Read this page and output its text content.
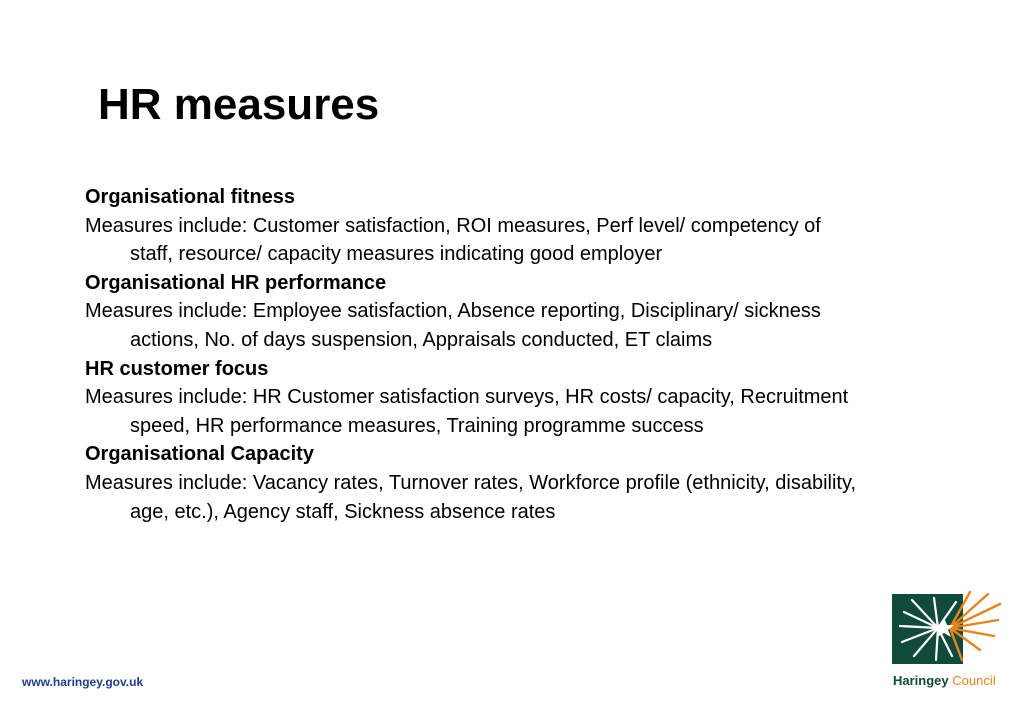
HR measures

Organisational fitness

Measures include: Customer satisfaction, ROI measures, Perf level/ competency of staff, resource/ capacity measures indicating good employer

Organisational HR performance

Measures include: Employee satisfaction, Absence reporting, Disciplinary/ sickness actions, No. of days suspension, Appraisals conducted, ET claims

HR customer focus

Measures include: HR Customer satisfaction surveys, HR costs/ capacity, Recruitment speed, HR performance measures, Training programme success

Organisational Capacity

Measures include: Vacancy rates, Turnover rates, Workforce profile (ethnicity, disability, age, etc.), Agency staff, Sickness absence rates

www.haringey.gov.uk	Haringey Council
